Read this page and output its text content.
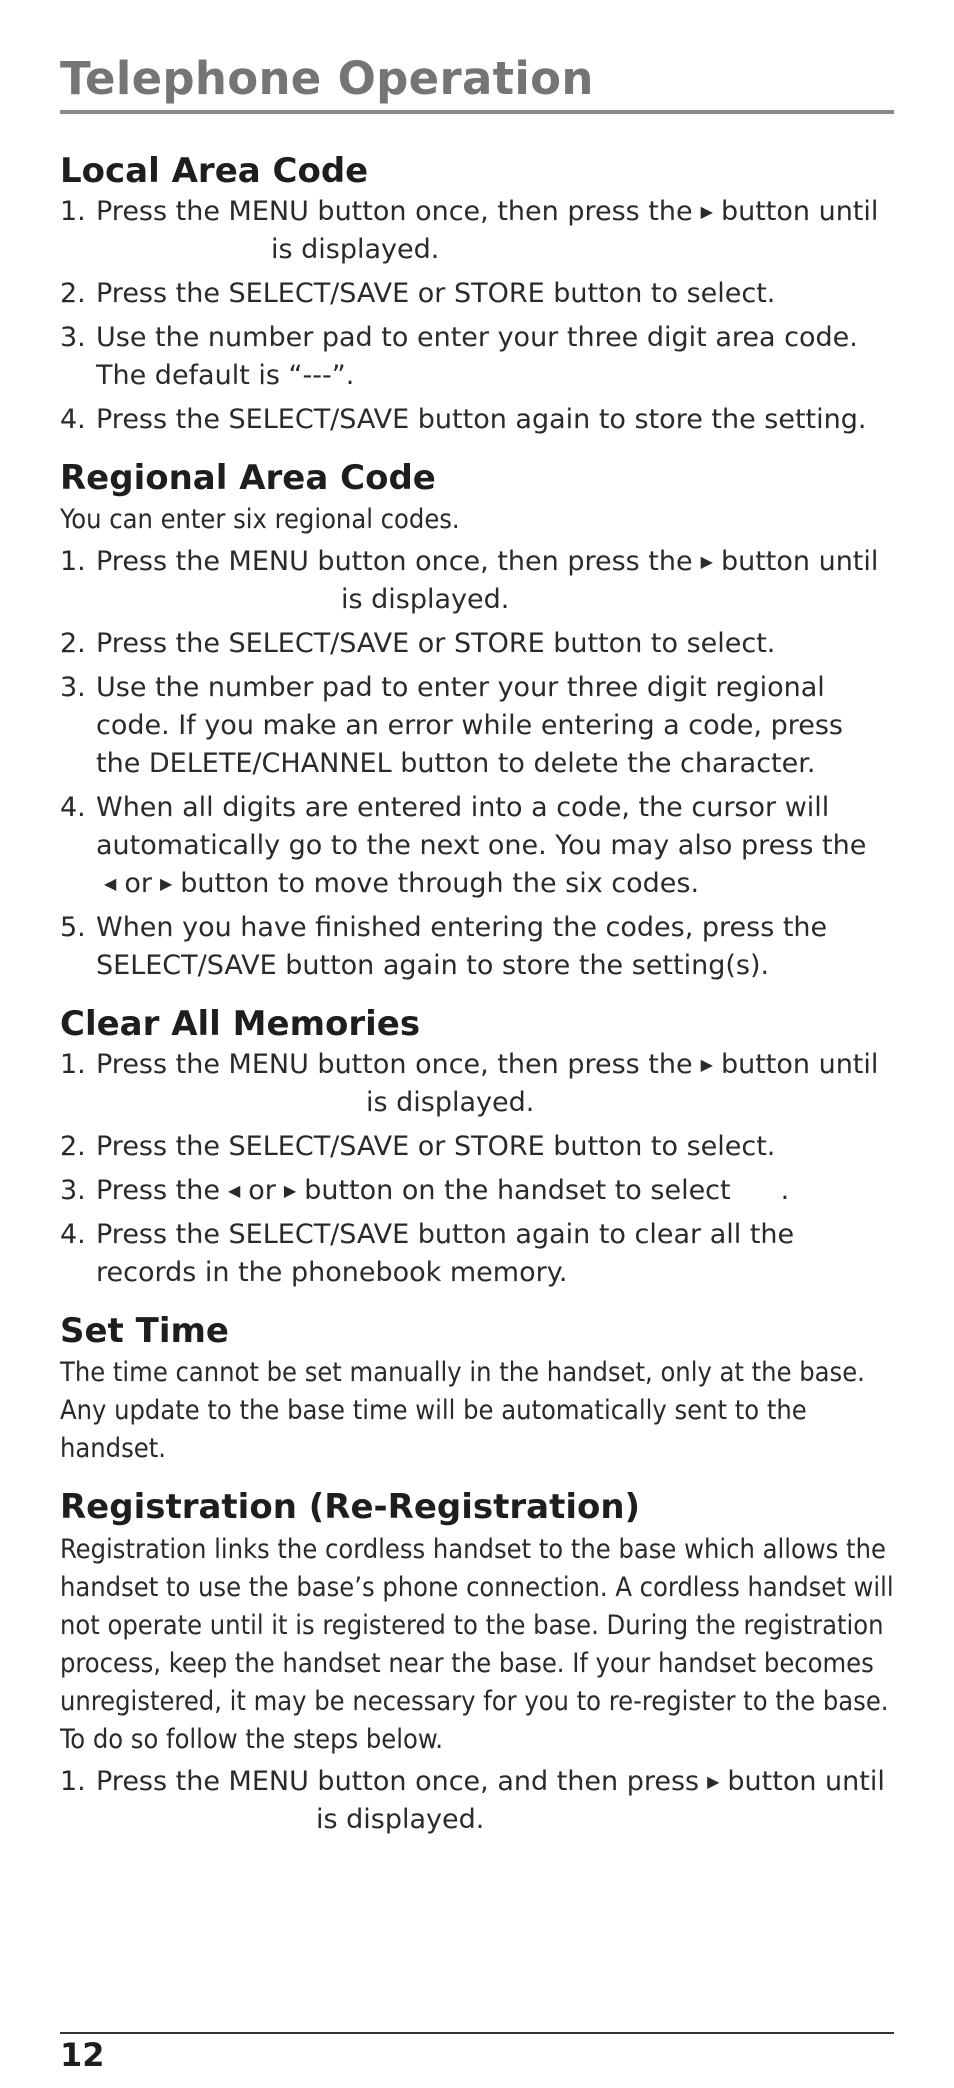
Telephone Operation
Local Area Code
1. Press the MENU button once, then press the ▶ button untilis displayed.
2. Press the SELECT/SAVE or STORE button to select.
3. Use the number pad to enter your three digit area code. The default is “---”.
4. Press the SELECT/SAVE button again to store the setting.
Regional Area Code

You can enter six regional codes.

1. Press the MENU button once, then press the ▶ button untilis displayed.
2. Press the SELECT/SAVE or STORE button to select.
3. Use the number pad to enter your three digit regional code. If you make an error while entering a code, press the DELETE/CHANNEL button to delete the character.
4. When all digits are entered into a code, the cursor will automatically go to the next one. You may also press the◀ or ▶ button to move through the six codes.
5. When you have finished entering the codes, press the SELECT/SAVE button again to store the setting(s).
Clear All Memories
1. Press the MENU button once, then press the ▶ button until
is displayed.
2. Press the SELECT/SAVE or STORE button to select.
3. Press the ◀ or ▶ button on the handset to select .
4. Press the SELECT/SAVE button again to clear all the records in the phonebook memory.
Set Time

The time cannot be set manually in the handset, only at the base. Any update to the base time will be automatically sent to the handset.

Registration (Re-Registration)

Registration links the cordless handset to the base which allows the handset to use the base’s phone connection. A cordless handset will not operate until it is registered to the base. During the registration process, keep the handset near the base. If your handset becomes unregistered, it may be necessary for you to re-register to the base. To do so follow the steps below.

1. Press the MENU button once, and then press ▶ button untilis displayed.
12
